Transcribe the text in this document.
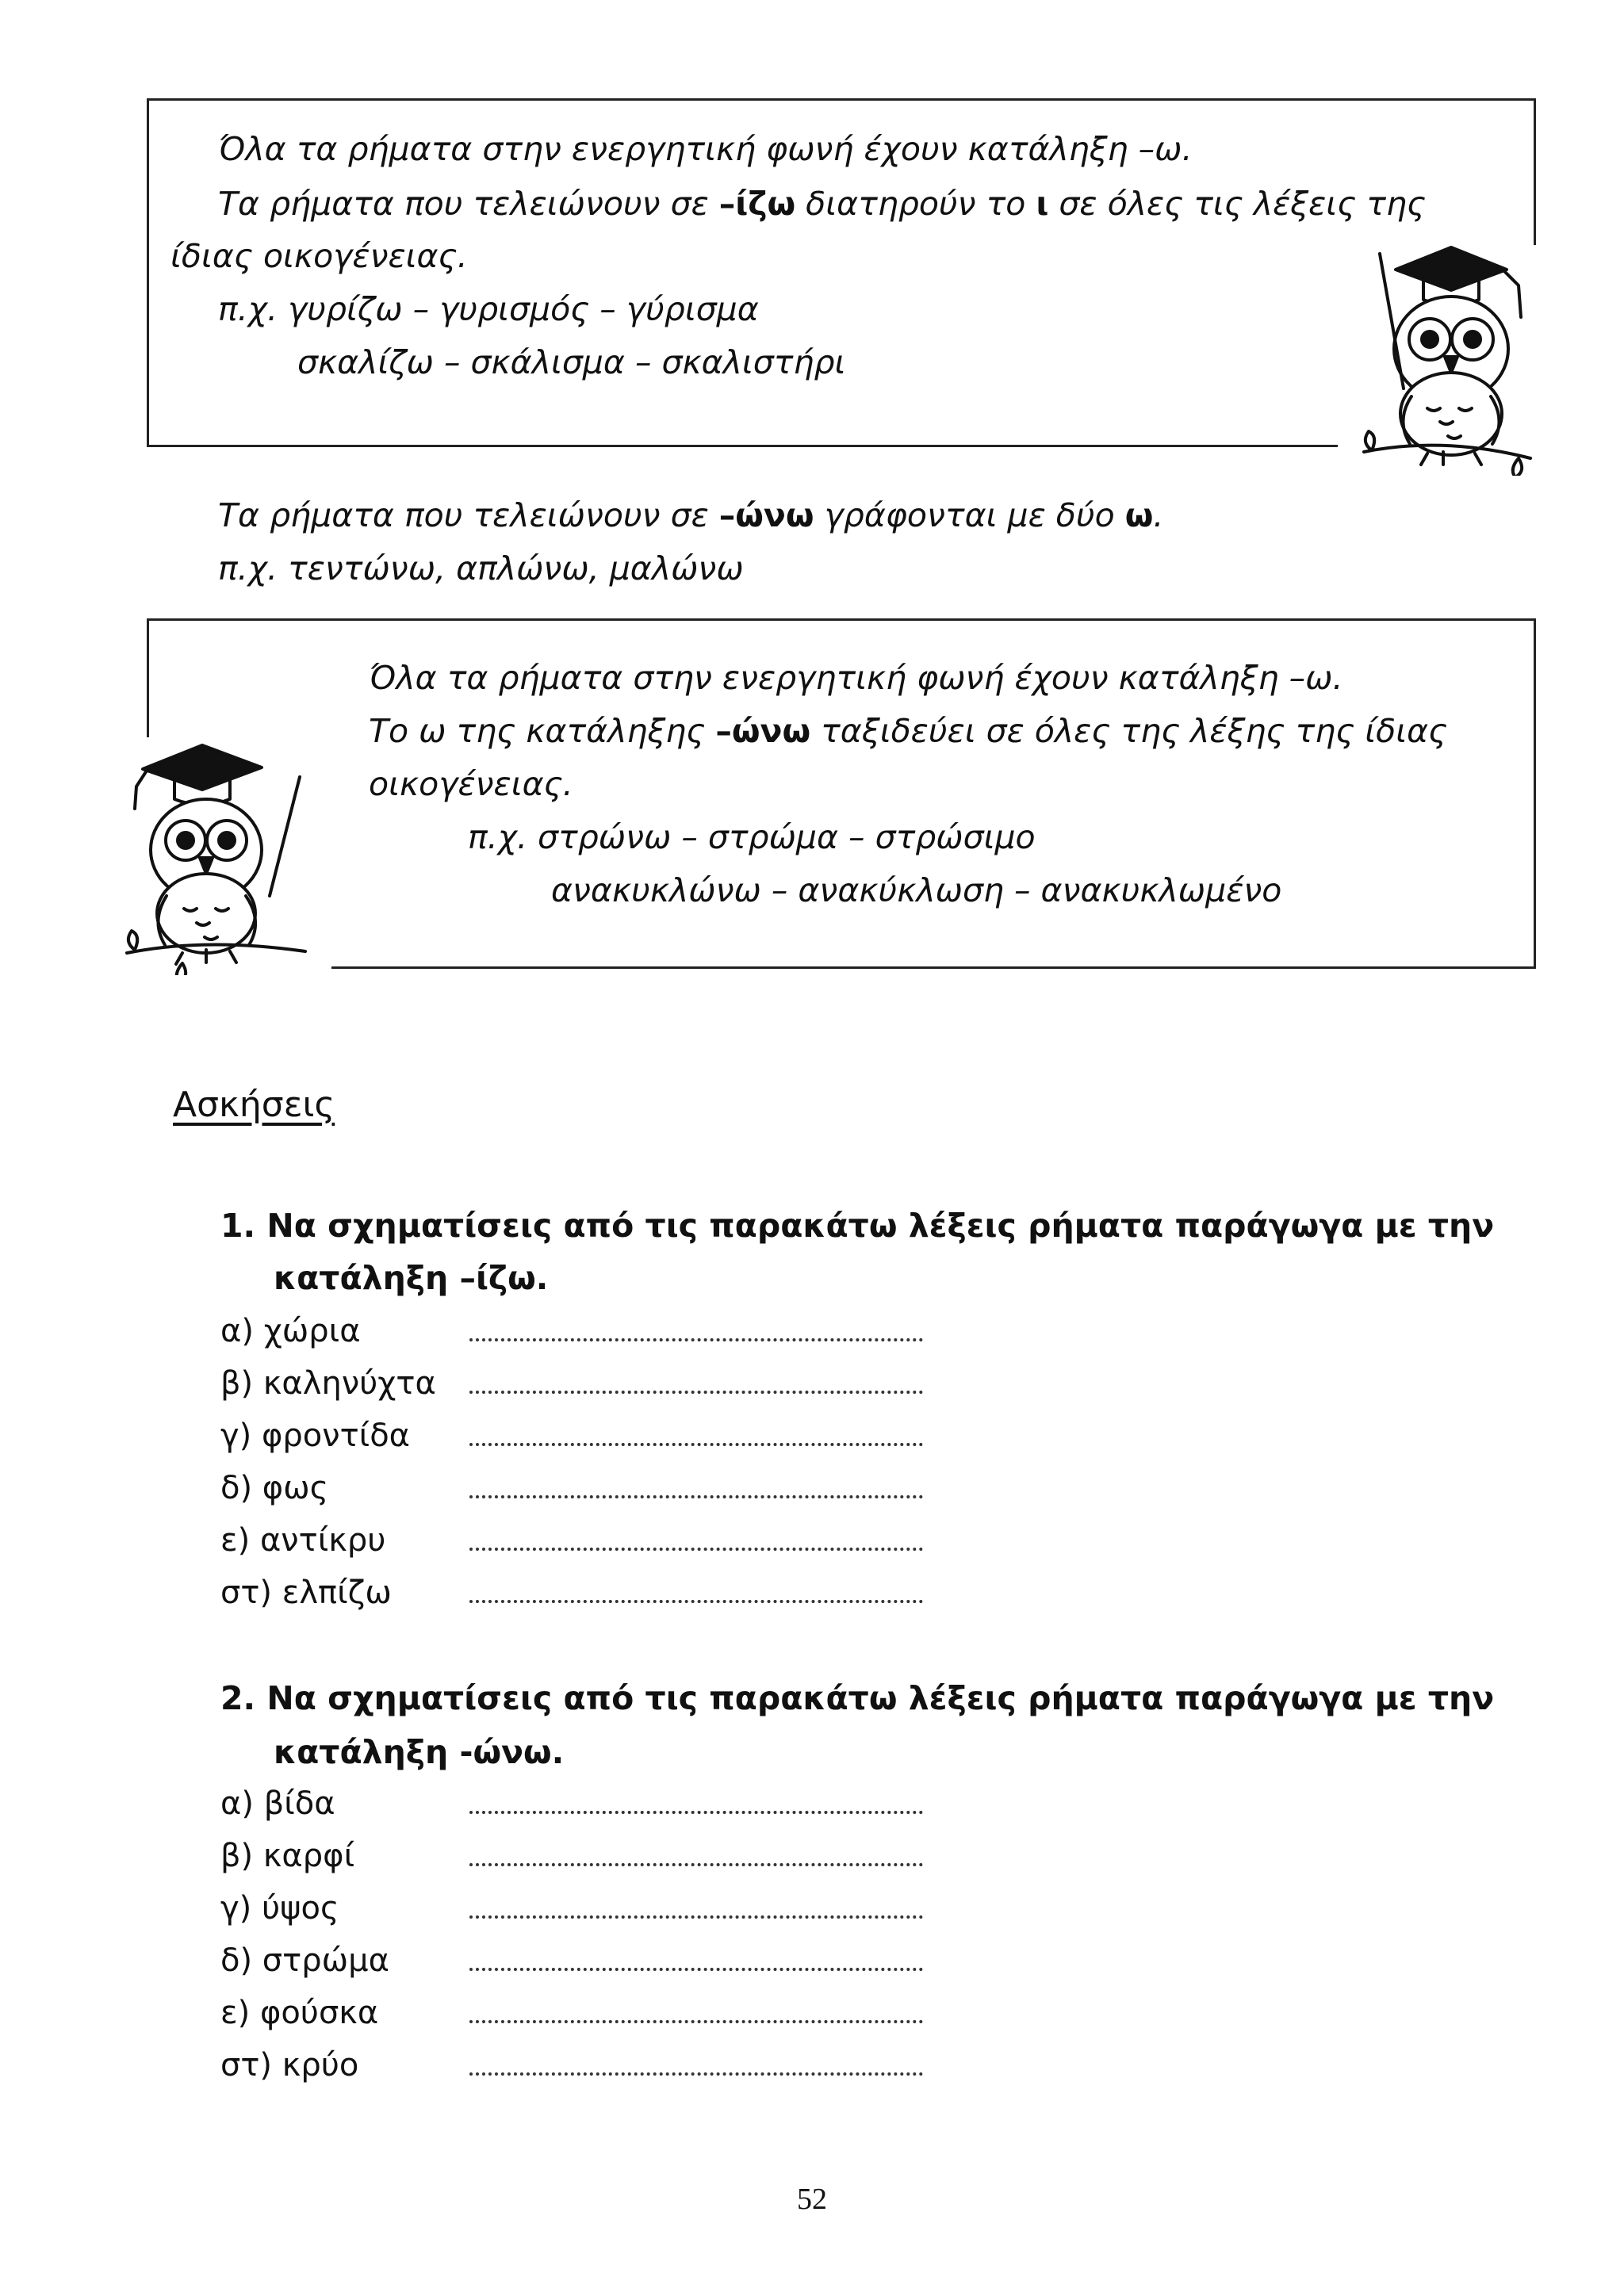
Όλα τα ρήματα στην ενεργητική φωνή έχουν κατάληξη –ω.
Τα ρήματα που τελειώνουν σε –ίζω διατηρούν το ι σε όλες τις λέξεις της
ίδιας οικογένειας.
π.χ. γυρίζω – γυρισμός – γύρισμα
σκαλίζω – σκάλισμα – σκαλιστήρι
Τα ρήματα που τελειώνουν σε –ώνω γράφονται με δύο ω.
π.χ. τεντώνω, απλώνω, μαλώνω
Όλα τα ρήματα στην ενεργητική φωνή έχουν κατάληξη –ω.
Το ω της κατάληξης –ώνω ταξιδεύει σε όλες της λέξης της ίδιας
οικογένειας.
π.χ. στρώνω – στρώμα – στρώσιμο
ανακυκλώνω – ανακύκλωση – ανακυκλωμένο
Ασκήσεις
1. Να σχηματίσεις από τις παρακάτω λέξεις ρήματα παράγωγα με την
κατάληξη –ίζω.
α) χώρια
β) καληνύχτα
γ) φροντίδα
δ) φως
ε) αντίκρυ
στ) ελπίζω
2. Να σχηματίσεις από τις παρακάτω λέξεις ρήματα παράγωγα με την
κατάληξη -ώνω.
α) βίδα
β) καρφί
γ) ύψος
δ) στρώμα
ε) φούσκα
στ) κρύο
52
